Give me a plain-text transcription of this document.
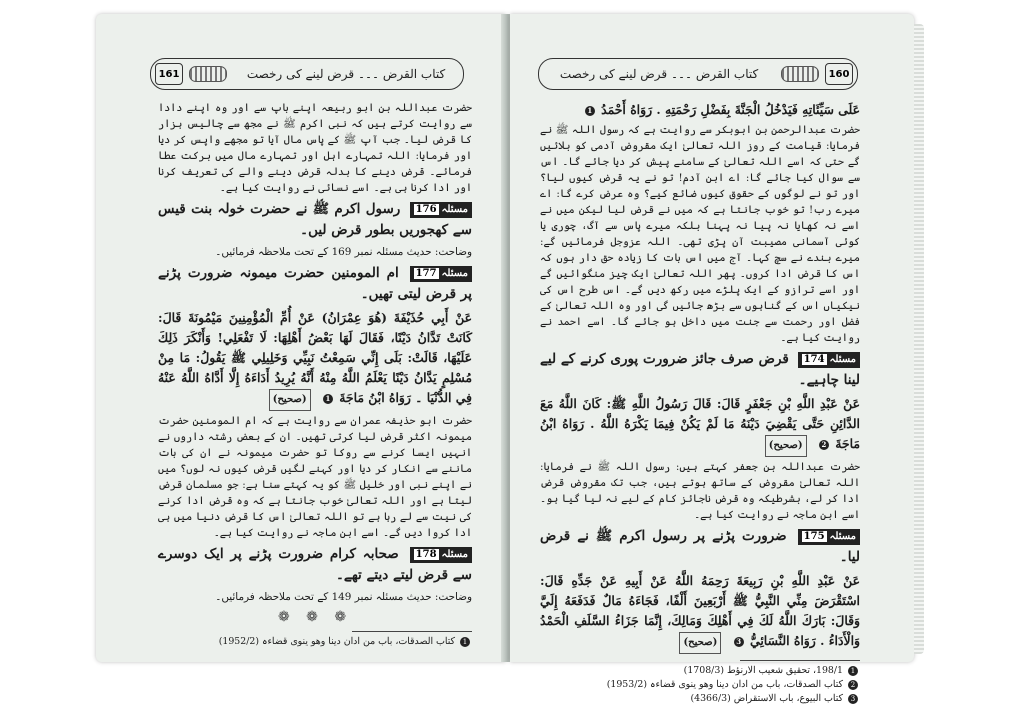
161	کتاب القرض ۔۔۔ قرض لینے کی رخصت

حضرت عبداللہ بن ابو ربیعہ اپنے باپ سے اور وہ اپنے دادا سے روایت کرتے ہیں کہ نبی اکرم ﷺ نے مجھ سے چالیس ہزار کا قرض لیا۔ جب آپ ﷺ کے پاس مال آیا تو مجھے واپس کر دیا اور فرمایا: اللہ تمہارے اہل اور تمہارے مال میں برکت عطا فرمائے۔ قرض دینے کا بدلہ قرض دینے والے کی تعریف کرنا اور ادا کرنا ہی ہے۔ اسے نسائی نے روایت کیا ہے۔

مسئلہ176 رسول اکرم ﷺ نے حضرت خولہ بنت قیس سے کھجوریں بطور قرض لیں۔

وضاحت: حدیث مسئلہ نمبر 169 کے تحت ملاحظہ فرمائیں۔

مسئلہ177 ام المومنین حضرت میمونہ ضرورت پڑنے پر قرض لیتی تھیں۔

عَنْ أَبِي حُذَيْفَةَ (هُوَ عِمْرَانُ) عَنْ أُمِّ الْمُؤْمِنِينَ مَيْمُونَةَ قَالَ: كَانَتْ تَدَّانُ دَيْنًا، فَقَالَ لَهَا بَعْضُ أَهْلِهَا: لَا تَفْعَلِي! وَأَنْكَرَ ذَلِكَ عَلَيْهَا، قَالَتْ: بَلَى إِنِّي سَمِعْتُ نَبِيِّي وَخَلِيلِي ﷺ يَقُولُ: مَا مِنْ مُسْلِمٍ يَدَّانُ دَيْنًا يَعْلَمُ اللَّهُ مِنْهُ أَنَّهُ يُرِيدُ أَدَاءَهُ إِلَّا أَدَّاهُ اللَّهُ عَنْهُ فِي الدُّنْيَا ۔ رَوَاهُ ابْنُ مَاجَةَ 1 (صحیح)

حضرت ابو حذیفہ عمران سے روایت ہے کہ ام المومنین حضرت میمونہ اکثر قرض لیا کرتی تھیں۔ ان کے بعض رشتہ داروں نے انہیں ایسا کرنے سے روکا تو حضرت میمونہ نے ان کی بات ماننے سے انکار کر دیا اور کہنے لگیں قرض کیوں نہ لوں؟ میں نے اپنے نبی اور خلیل ﷺ کو یہ کہتے سنا ہے: جو مسلمان قرض لیتا ہے اور اللہ تعالیٰ خوب جانتا ہے کہ وہ قرض ادا کرنے کی نیت سے لے رہا ہے تو اللہ تعالیٰ اس کا قرض دنیا میں ہی ادا کروا دیں گے۔ اسے ابن ماجہ نے روایت کیا ہے۔

مسئلہ178 صحابہ کرام ضرورت پڑنے پر ایک دوسرے سے قرض لیتے دیتے تھے۔

وضاحت: حدیث مسئلہ نمبر 149 کے تحت ملاحظہ فرمائیں۔

❁ ❁ ❁
1 کتاب الصدقات، باب من ادان دینا وھو ینوی قضاءہ (1952/2)
کتاب القرض ۔۔۔ قرض لینے کی رخصت	160

عَلَى سَيِّئَاتِهِ فَيَدْخُلُ الْجَنَّةَ بِفَضْلِ رَحْمَتِهِ . رَوَاهُ أَحْمَدُ 1

حضرت عبدالرحمن بن ابوبکر سے روایت ہے کہ رسول اللہ ﷺ نے فرمایا: قیامت کے روز اللہ تعالیٰ ایک مقروض آدمی کو بلائیں گے حتی کہ اسے اللہ تعالیٰ کے سامنے پیش کر دیا جائے گا۔ اس سے سوال کیا جائے گا: اے ابن آدم! تو نے یہ قرض کیوں لیا؟ اور تو نے لوگوں کے حقوق کیوں ضائع کیے؟ وہ عرض کرے گا: اے میرے رب! تو خوب جانتا ہے کہ میں نے قرض لیا لیکن میں نے اسے نہ کھایا نہ پیا نہ پہنا بلکہ میرے پاس سے آگ، چوری یا کوئی آسمانی مصیبت آن پڑی تھی۔ اللہ عزوجل فرمائیں گے: میرے بندے نے سچ کہا۔ آج میں اس بات کا زیادہ حق دار ہوں کہ اس کا قرض ادا کروں۔ پھر اللہ تعالیٰ ایک چیز منگوائیں گے اور اسے ترازو کے ایک پلڑے میں رکھ دیں گے۔ اس طرح اس کی نیکیاں اس کے گناہوں سے بڑھ جائیں گی اور وہ اللہ تعالیٰ کے فضل اور رحمت سے جنت میں داخل ہو جائے گا۔ اسے احمد نے روایت کیا ہے۔

مسئلہ174 قرض صرف جائز ضرورت پوری کرنے کے لیے لینا چاہیے۔

عَنْ عَبْدِ اللَّهِ بْنِ جَعْفَرٍ قَالَ: قَالَ رَسُولُ اللَّهِ ﷺ: كَانَ اللَّهُ مَعَ الدَّائِنِ حَتَّى يَقْضِيَ دَيْنَهُ مَا لَمْ يَكُنْ فِيمَا يَكْرَهُ اللَّهُ . رَوَاهُ ابْنُ مَاجَةَ 2 (صحیح)

حضرت عبداللہ بن جعفر کہتے ہیں: رسول اللہ ﷺ نے فرمایا: اللہ تعالیٰ مقروض کے ساتھ ہوتے ہیں، جب تک مقروض قرض ادا کر لے، بشرطیکہ وہ قرض ناجائز کام کے لیے نہ لیا گیا ہو۔ اسے ابن ماجہ نے روایت کیا ہے۔

مسئلہ175 ضرورت پڑنے پر رسول اکرم ﷺ نے قرض لیا۔

عَنْ عَبْدِ اللَّهِ بْنِ رَبِيعَةَ رَحِمَهُ اللَّهُ عَنْ أَبِيهِ عَنْ جَدِّهِ قَالَ: اسْتَقْرَضَ مِنِّي النَّبِيُّ ﷺ أَرْبَعِينَ أَلْفًا، فَجَاءَهُ مَالٌ فَدَفَعَهُ إِلَيَّ وَقَالَ: بَارَكَ اللَّهُ لَكَ فِي أَهْلِكَ وَمَالِكَ، إِنَّمَا جَزَاءُ السَّلَفِ الْحَمْدُ وَالْأَدَاءُ . رَوَاهُ النَّسَائِيُّ 3 (صحیح)

1 198/1، تحقیق شعیب الارنؤط (1708/3)
2 کتاب الصدقات، باب من ادان دینا وھو ینوی قضاءہ (1953/2)
3 کتاب البیوع، باب الاستقراض (4366/3)
